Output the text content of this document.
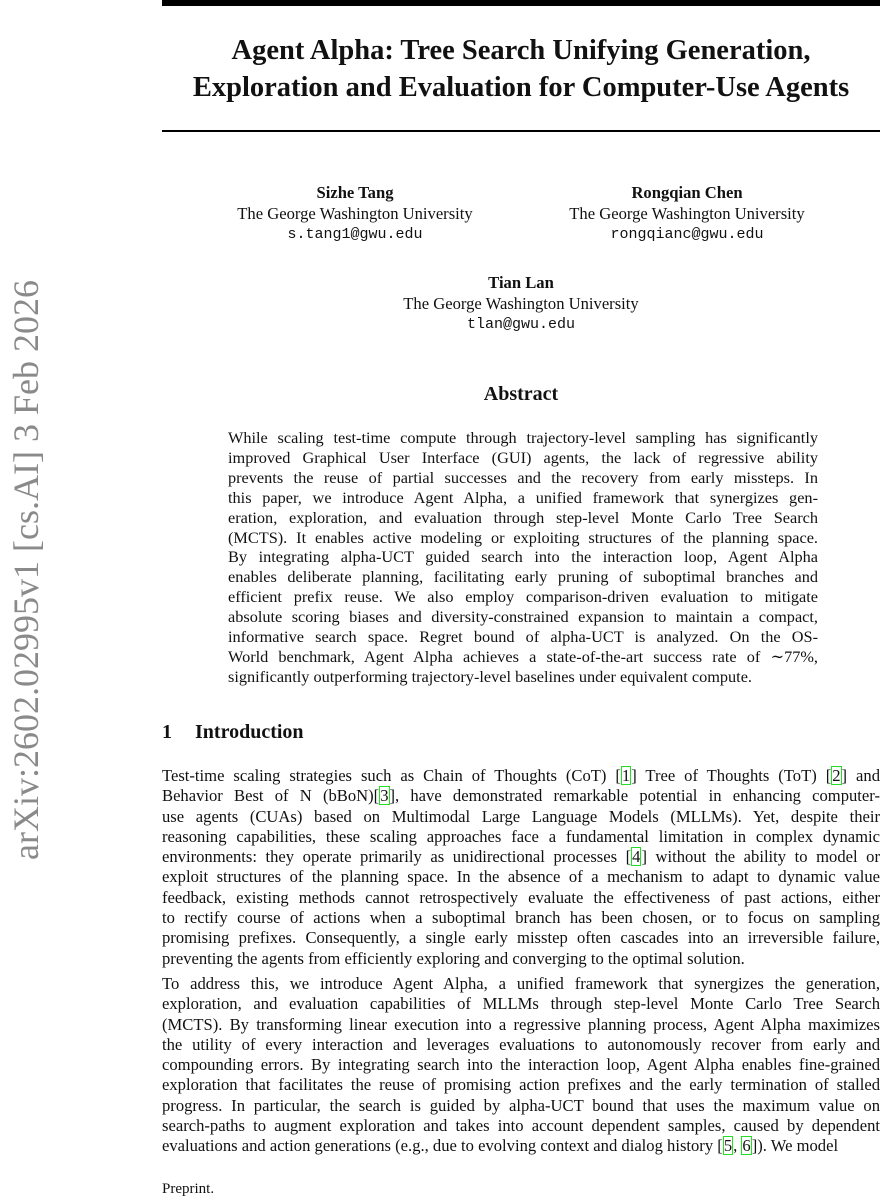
arXiv:2602.02995v1 [cs.AI] 3 Feb 2026
Agent Alpha: Tree Search Unifying Generation,
Exploration and Evaluation for Computer-Use Agents
Sizhe Tang
The George Washington University
s.tang1@gwu.edu
Rongqian Chen
The George Washington University
rongqianc@gwu.edu
Tian Lan
The George Washington University
tlan@gwu.edu
Abstract
While scaling test-time compute through trajectory-level sampling has significantly
improved Graphical User Interface (GUI) agents, the lack of regressive ability
prevents the reuse of partial successes and the recovery from early missteps. In
this paper, we introduce Agent Alpha, a unified framework that synergizes gen-
eration, exploration, and evaluation through step-level Monte Carlo Tree Search
(MCTS). It enables active modeling or exploiting structures of the planning space.
By integrating alpha-UCT guided search into the interaction loop, Agent Alpha
enables deliberate planning, facilitating early pruning of suboptimal branches and
efficient prefix reuse. We also employ comparison-driven evaluation to mitigate
absolute scoring biases and diversity-constrained expansion to maintain a compact,
informative search space. Regret bound of alpha-UCT is analyzed. On the OS-
World benchmark, Agent Alpha achieves a state-of-the-art success rate of ∼77%,
significantly outperforming trajectory-level baselines under equivalent compute.
1 Introduction
Test-time scaling strategies such as Chain of Thoughts (CoT) [1] Tree of Thoughts (ToT) [2] and
Behavior Best of N (bBoN)[3], have demonstrated remarkable potential in enhancing computer-
use agents (CUAs) based on Multimodal Large Language Models (MLLMs). Yet, despite their
reasoning capabilities, these scaling approaches face a fundamental limitation in complex dynamic
environments: they operate primarily as unidirectional processes [4] without the ability to model or
exploit structures of the planning space. In the absence of a mechanism to adapt to dynamic value
feedback, existing methods cannot retrospectively evaluate the effectiveness of past actions, either
to rectify course of actions when a suboptimal branch has been chosen, or to focus on sampling
promising prefixes. Consequently, a single early misstep often cascades into an irreversible failure,
preventing the agents from efficiently exploring and converging to the optimal solution.
To address this, we introduce Agent Alpha, a unified framework that synergizes the generation,
exploration, and evaluation capabilities of MLLMs through step-level Monte Carlo Tree Search
(MCTS). By transforming linear execution into a regressive planning process, Agent Alpha maximizes
the utility of every interaction and leverages evaluations to autonomously recover from early and
compounding errors. By integrating search into the interaction loop, Agent Alpha enables fine-grained
exploration that facilitates the reuse of promising action prefixes and the early termination of stalled
progress. In particular, the search is guided by alpha-UCT bound that uses the maximum value on
search-paths to augment exploration and takes into account dependent samples, caused by dependent
evaluations and action generations (e.g., due to evolving context and dialog history [5, 6]). We model
Preprint.
